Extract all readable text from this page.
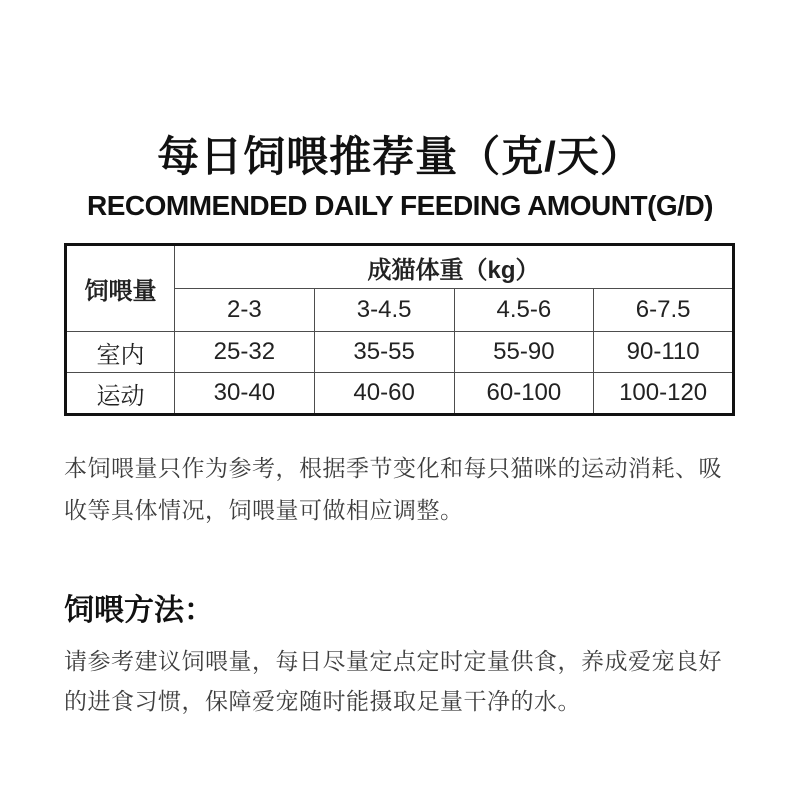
每日饲喂推荐量（克/天）
RECOMMENDED DAILY FEEDING AMOUNT(G/D)
饲喂量	成猫体重（kg）			
	2-3	3-4.5	4.5-6	6-7.5
室内	25-32	35-55	55-90	90-110
运动	30-40	40-60	60-100	100-120

本饲喂量只作为参考，根据季节变化和每只猫咪的运动消耗、吸收等具体情况，饲喂量可做相应调整。

饲喂方法：

请参考建议饲喂量，每日尽量定点定时定量供食，养成爱宠良好的进食习惯，保障爱宠随时能摄取足量干净的水。
